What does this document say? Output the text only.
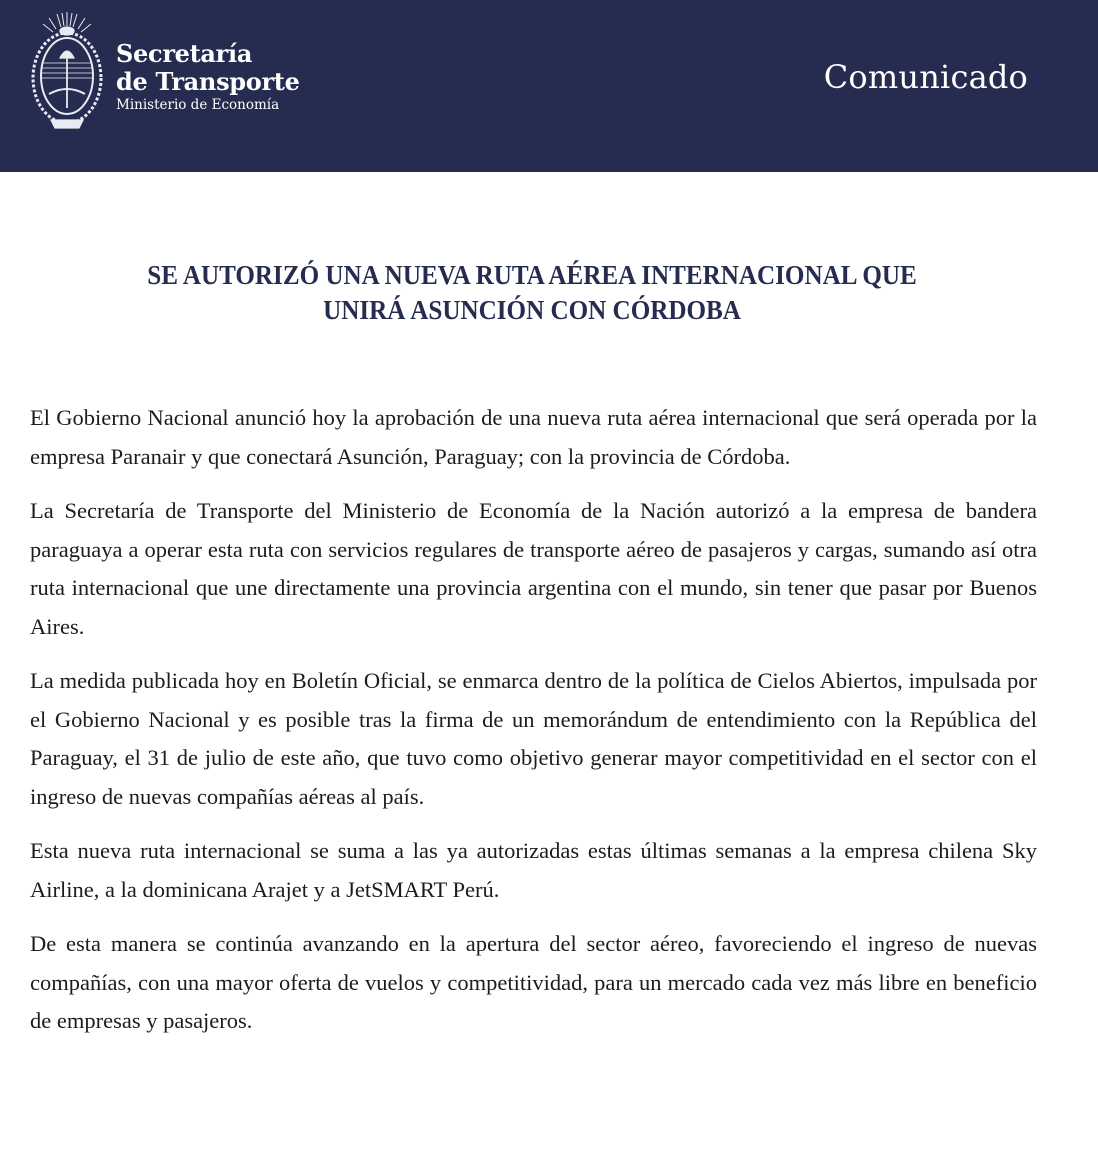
Secretaría
de Transporte
Ministerio de Economía
Comunicado
SE AUTORIZÓ UNA NUEVA RUTA AÉREA INTERNACIONAL QUE
UNIRÁ ASUNCIÓN CON CÓRDOBA

El Gobierno Nacional anunció hoy la aprobación de una nueva ruta aérea internacional que será operada por la empresa Paranair y que conectará Asunción, Paraguay; con la provincia de Córdoba.

La Secretaría de Transporte del Ministerio de Economía de la Nación autorizó a la empresa de bandera paraguaya a operar esta ruta con servicios regulares de transporte aéreo de pasajeros y cargas, sumando así otra ruta internacional que une directamente una provincia argentina con el mundo, sin tener que pasar por Buenos Aires.

La medida publicada hoy en Boletín Oficial, se enmarca dentro de la política de Cielos Abiertos, impulsada por el Gobierno Nacional y es posible tras la firma de un memorándum de entendimiento con la República del Paraguay, el 31 de julio de este año, que tuvo como objetivo generar mayor competitividad en el sector con el ingreso de nuevas compañías aéreas al país.

Esta nueva ruta internacional se suma a las ya autorizadas estas últimas semanas a la empresa chilena Sky Airline, a la dominicana Arajet y a JetSMART Perú.

De esta manera se continúa avanzando en la apertura del sector aéreo, favoreciendo el ingreso de nuevas compañías, con una mayor oferta de vuelos y competitividad, para un mercado cada vez más libre en beneficio de empresas y pasajeros.
